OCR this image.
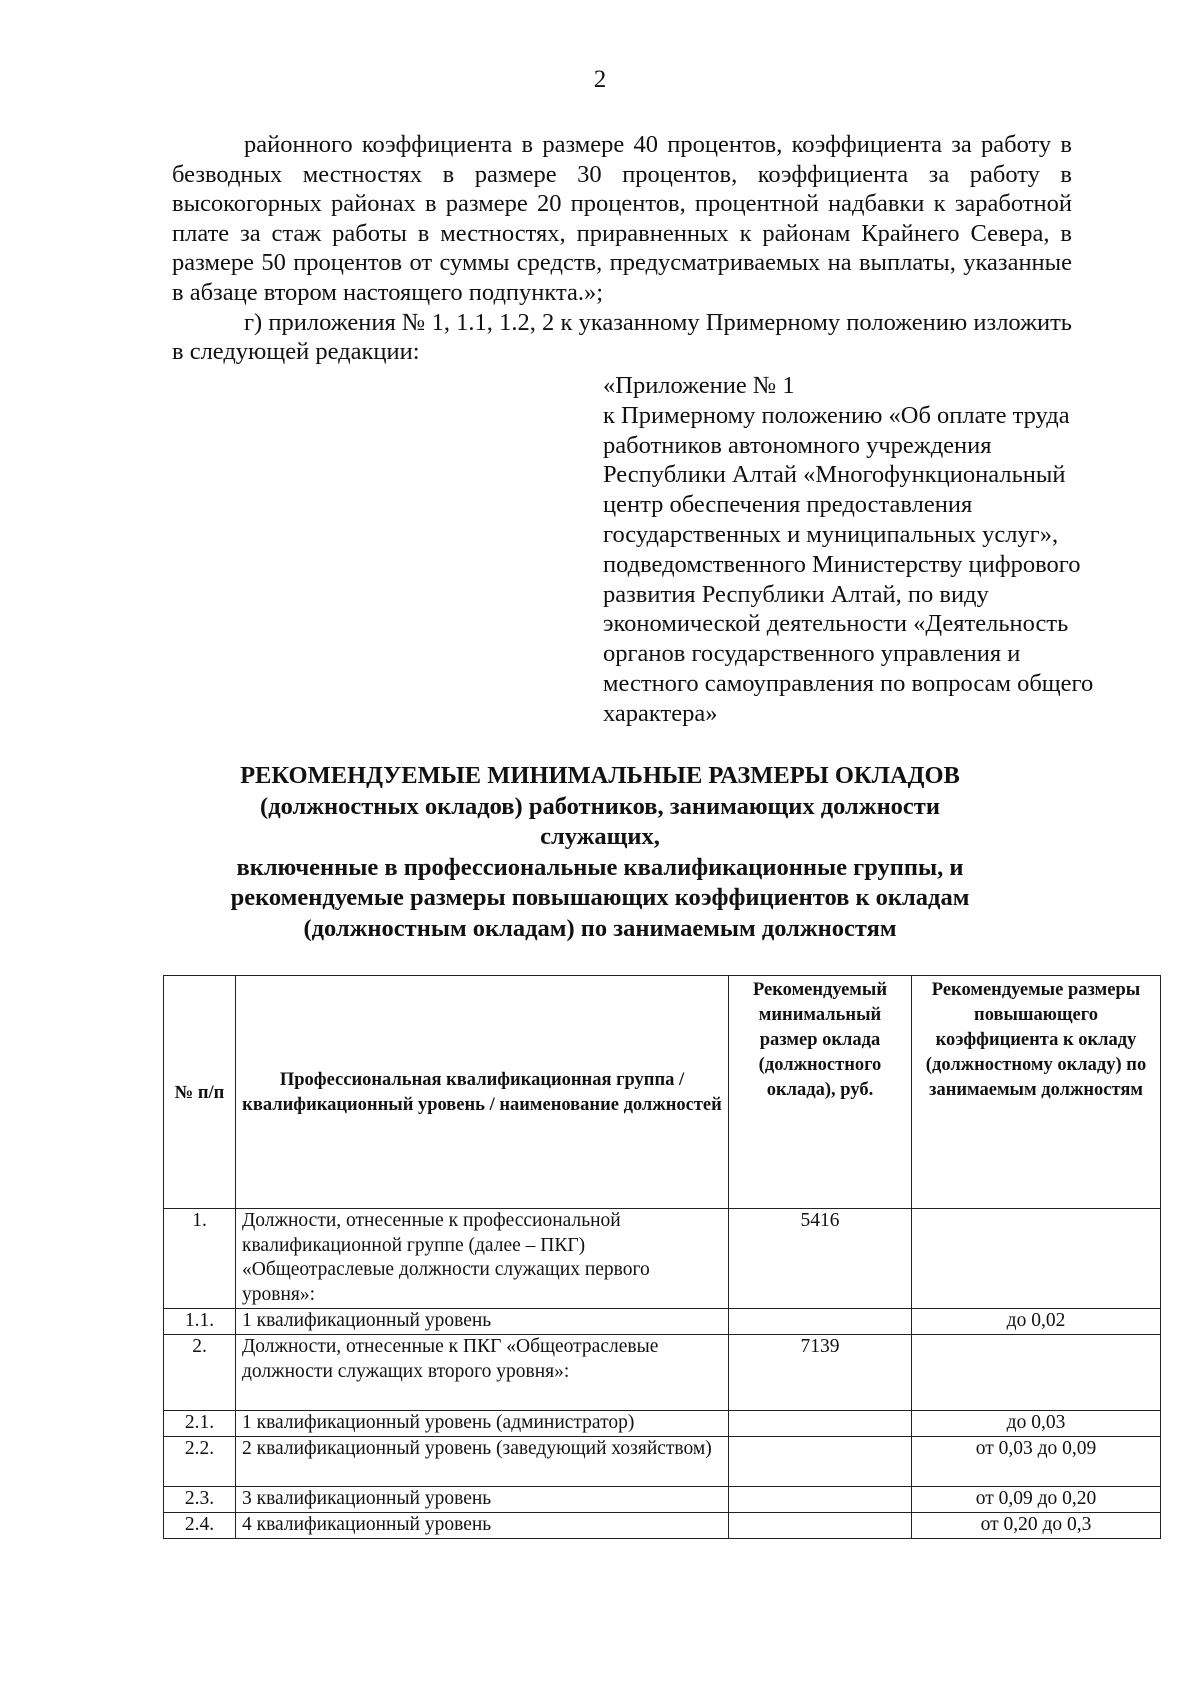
2

районного коэффициента в размере 40 процентов, коэффициента за работу в безводных местностях в размере 30 процентов, коэффициента за работу в высокогорных районах в размере 20 процентов, процентной надбавки к заработной плате за стаж работы в местностях, приравненных к районам Крайнего Севера, в размере 50 процентов от суммы средств, предусматриваемых на выплаты, указанные в абзаце втором настоящего подпункта.»;

г) приложения № 1, 1.1, 1.2, 2 к указанному Примерному положению изложить в следующей редакции:

«Приложение № 1

к Примерному положению «Об оплате труда

работников автономного учреждения

Республики Алтай «Многофункциональный

центр обеспечения предоставления

государственных и муниципальных услуг»,

подведомственного Министерству цифрового

развития Республики Алтай, по виду

экономической деятельности «Деятельность

органов государственного управления и

местного самоуправления по вопросам общего

характера»

РЕКОМЕНДУЕМЫЕ МИНИМАЛЬНЫЕ РАЗМЕРЫ ОКЛАДОВ

(должностных окладов) работников, занимающих должности служащих,

включенные в профессиональные квалификационные группы, и

рекомендуемые размеры повышающих коэффициентов к окладам

(должностным окладам) по занимаемым должностям

№ п/п	Профессиональная квалификационная группа / квалификационный уровень / наименование должностей	Рекомендуемый минимальный размер оклада (должностного оклада), руб.	Рекомендуемые размеры повышающего коэффициента к окладу (должностному окладу) по занимаемым должностям
1.	Должности, отнесенные к профессиональной квалификационной группе (далее – ПКГ) «Общеотраслевые должности служащих первого уровня»:	5416	
1.1.	1 квалификационный уровень		до 0,02
2.	Должности, отнесенные к ПКГ «Общеотраслевые должности служащих второго уровня»:	7139	
2.1.	1 квалификационный уровень (администратор)		до 0,03
2.2.	2 квалификационный уровень (заведующий хозяйством)		от 0,03 до 0,09
2.3.	3 квалификационный уровень		от 0,09 до 0,20
2.4.	4 квалификационный уровень		от 0,20 до 0,3
